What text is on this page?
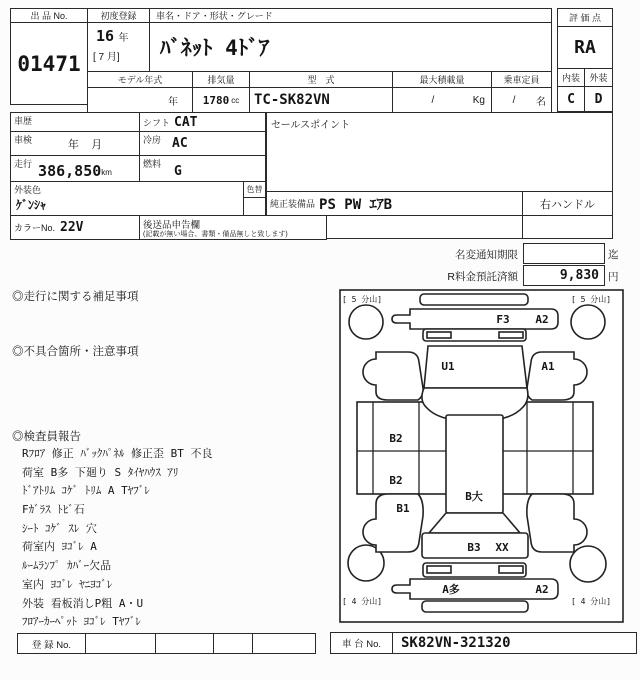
出 品 No.
01471
初度登録
16 年
[ 7 月]
車名・ドア・形状・グレード
ﾊﾞﾈｯﾄ 4ﾄﾞｱ
モデル年式	排気量	型　式	最大積載量	乗車定員
年	1780 cc	TC-SK82VN	/	Kg	/	名
評 価 点
RA
内装	外装
C	D
車歴
車検	年    月
走行 386,850 km
シフト CAT
冷房 AC
燃料 G
外装色
ｹﾞﾝｼｬ
色替
カラーNo. 22V	後送品申告欄
(記載が無い場合、書類・備品無しと致します)
セールスポイント
純正装備品 PS PW ｴｱB	右ハンドル
名変通知期限	迄
R料金預託済額	9,830 円
◎走行に関する補足事項
◎不具合箇所・注意事項
◎検査員報告
Rﾌﾛｱ 修正 ﾊﾞｯｸﾊﾟﾈﾙ 修正歪 BT 不良
荷室 B多 下廻り S ﾀｲﾔﾊｳｽ ｱﾘ
ﾄﾞｱﾄﾘﾑ ｺｹﾞ ﾄﾘﾑ A Tﾔﾌﾞﾚ
Fｶﾞﾗｽ ﾄﾋﾞ石
ｼｰﾄ ｺｹﾞ ｽﾚ 穴
荷室内 ﾖｺﾞﾚ A
ﾙｰﾑﾗﾝﾌﾟ ｶﾊﾞｰ欠品
室内 ﾖｺﾞﾚ ﾔﾆﾖｺﾞﾚ
外装 看板消しP粗 A・U
ﾌﾛｱｰｶｰﾍﾟｯﾄ ﾖｺﾞﾚ Tﾔﾌﾞﾚ
[ 5 分山]	[ 5 分山]
[ 4 分山]	[ 4 分山]
F3 A2
U1	A1
B2
B2
B1
B大
B3 XX
A多	A2
登 録 No.	車 台 No.	SK82VN-321320
